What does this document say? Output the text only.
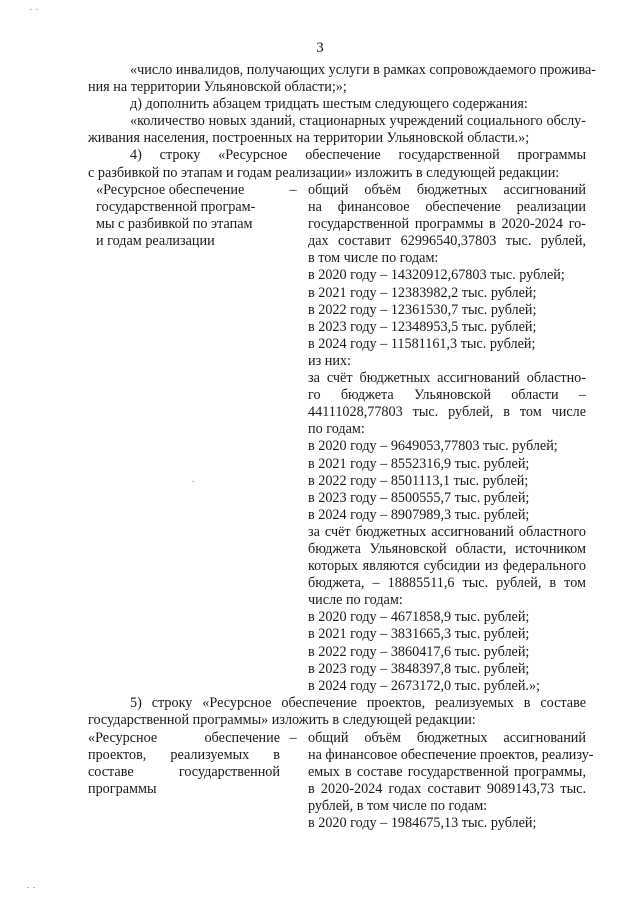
3
«число инвалидов, получающих услуги в рамках сопровождаемого прожива-
ния на территории Ульяновской области;»;
д) дополнить абзацем тридцать шестым следующего содержания:
«количество новых зданий, стационарных учреждений социального обслу-
живания населения, построенных на территории Ульяновской области.»;
4) строку «Ресурсное обеспечение государственной программы
с разбивкой по этапам и годам реализации» изложить в следующей редакции:
«Ресурсное обеспечение
государственной програм-
мы с разбивкой по этапам
и годам реализации
– общий объём бюджетных ассигнований
на финансовое обеспечение реализации
государственной программы в 2020-2024 го-
дах составит 62996540,37803 тыс. рублей,
в том числе по годам:
в 2020 году – 14320912,67803 тыс. рублей;
в 2021 году – 12383982,2 тыс. рублей;
в 2022 году – 12361530,7 тыс. рублей;
в 2023 году – 12348953,5 тыс. рублей;
в 2024 году – 11581161,3 тыс. рублей;
из них:
за счёт бюджетных ассигнований областно-
го бюджета Ульяновской области –
44111028,77803 тыс. рублей, в том числе
по годам:
в 2020 году – 9649053,77803 тыс. рублей;
в 2021 году – 8552316,9 тыс. рублей;
в 2022 году – 8501113,1 тыс. рублей;
в 2023 году – 8500555,7 тыс. рублей;
в 2024 году – 8907989,3 тыс. рублей;
за счёт бюджетных ассигнований областного
бюджета Ульяновской области, источником
которых являются субсидии из федерального
бюджета, – 18885511,6 тыс. рублей, в том
числе по годам:
в 2020 году – 4671858,9 тыс. рублей;
в 2021 году – 3831665,3 тыс. рублей;
в 2022 году – 3860417,6 тыс. рублей;
в 2023 году – 3848397,8 тыс. рублей;
в 2024 году – 2673172,0 тыс. рублей.»;
5) строку «Ресурсное обеспечение проектов, реализуемых в составе
государственной программы» изложить в следующей редакции:
«Ресурсное обеспечение
проектов, реализуемых в
составе государственной
программы
– общий объём бюджетных ассигнований
на финансовое обеспечение проектов, реализу-
емых в составе государственной программы,
в 2020-2024 годах составит 9089143,73 тыс.
рублей, в том числе по годам:
в 2020 году – 1984675,13 тыс. рублей;
